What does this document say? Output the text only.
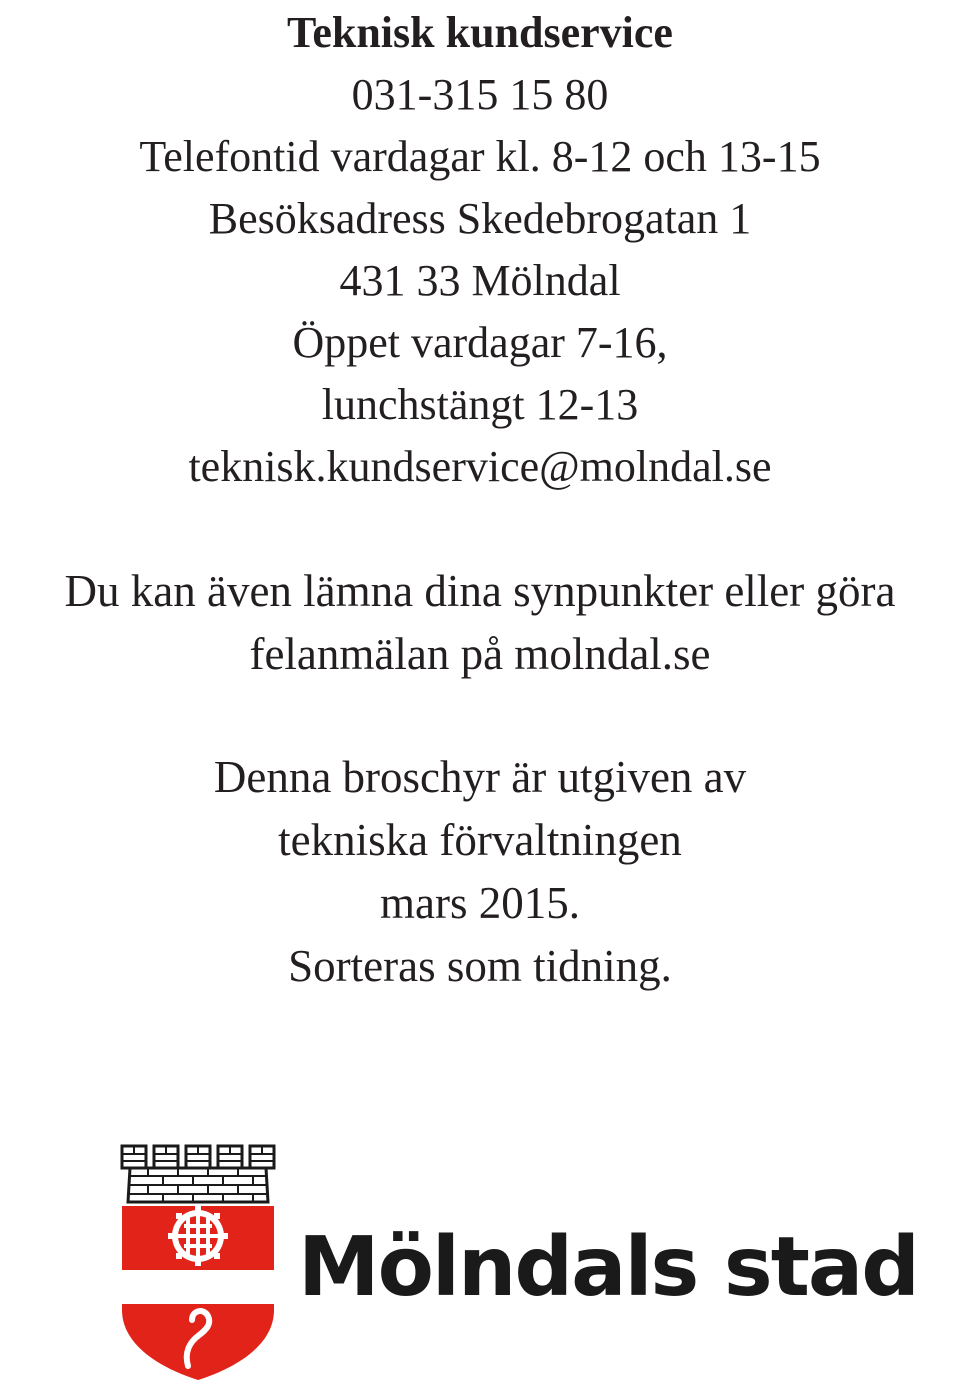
Teknisk kundservice
031-315 15 80
Telefontid vardagar kl. 8-12 och 13-15
Besöksadress Skedebrogatan 1
431 33 Mölndal
Öppet vardagar 7-16,
lunchstängt 12-13
teknisk.kundservice@molndal.se
Du kan även lämna dina synpunkter eller göra
felanmälan på molndal.se
Denna broschyr är utgiven av
tekniska förvaltningen
mars 2015.
Sorteras som tidning.
Mölndals stad
